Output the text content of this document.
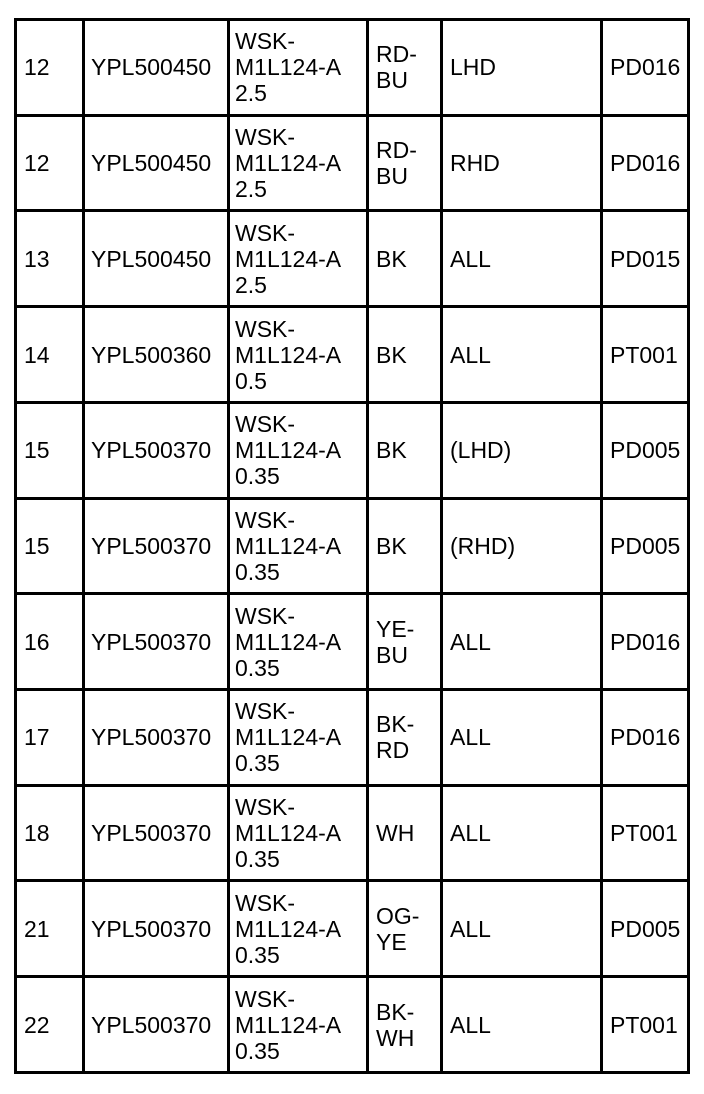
12	YPL500450	WSK-
M1L124-A
2.5	RD-
BU	LHD	PD016
12	YPL500450	WSK-
M1L124-A
2.5	RD-
BU	RHD	PD016
13	YPL500450	WSK-
M1L124-A
2.5	BK	ALL	PD015
14	YPL500360	WSK-
M1L124-A
0.5	BK	ALL	PT001
15	YPL500370	WSK-
M1L124-A
0.35	BK	(LHD)	PD005
15	YPL500370	WSK-
M1L124-A
0.35	BK	(RHD)	PD005
16	YPL500370	WSK-
M1L124-A
0.35	YE-
BU	ALL	PD016
17	YPL500370	WSK-
M1L124-A
0.35	BK-
RD	ALL	PD016
18	YPL500370	WSK-
M1L124-A
0.35	WH	ALL	PT001
21	YPL500370	WSK-
M1L124-A
0.35	OG-
YE	ALL	PD005
22	YPL500370	WSK-
M1L124-A
0.35	BK-
WH	ALL	PT001
